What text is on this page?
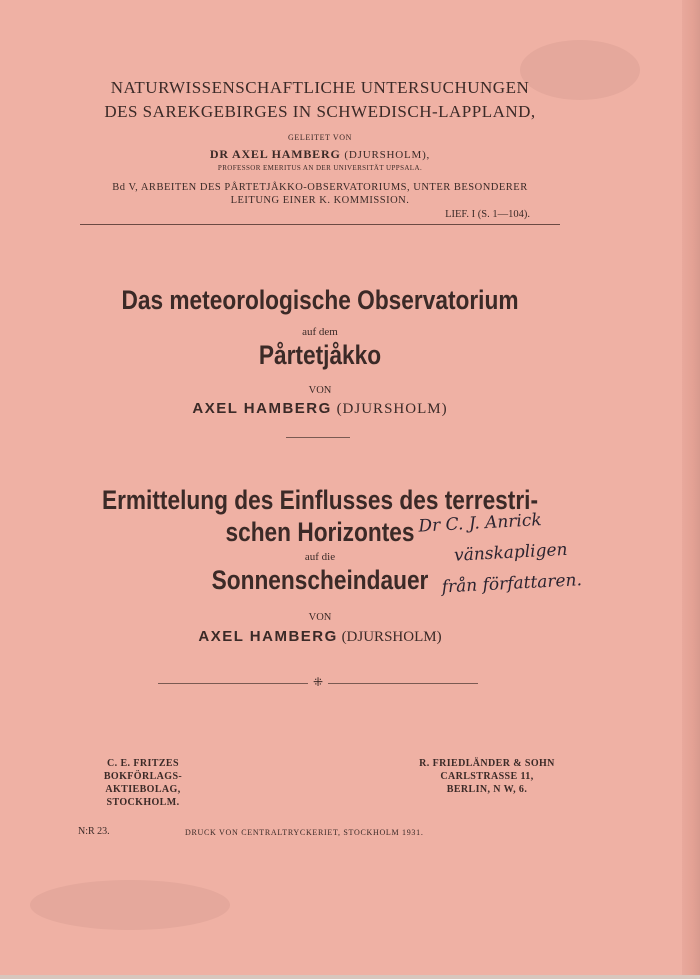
NATURWISSENSCHAFTLICHE UNTERSUCHUNGEN
DES SAREKGEBIRGES IN SCHWEDISCH-LAPPLAND,
GELEITET VON
DR AXEL HAMBERG (DJURSHOLM),
PROFESSOR EMERITUS AN DER UNIVERSITÄT UPPSALA.
Bd V, ARBEITEN DES PÅRTETJÅKKO-OBSERVATORIUMS, UNTER BESONDERER
LEITUNG EINER K. KOMMISSION.
LIEF. I (S. 1—104).
Das meteorologische Observatorium
auf dem
Pårtetjåkko
VON
AXEL HAMBERG (DJURSHOLM)
Ermittelung des Einflusses des terrestri-
schen Horizontes
auf die
Sonnenscheindauer
VON
AXEL HAMBERG (DJURSHOLM)
⁜
C. E. FRITZES
BOKFÖRLAGS-AKTIEBOLAG,
STOCKHOLM.
R. FRIEDLÄNDER & SOHN
CARLSTRASSE 11,
BERLIN, N W, 6.
N:R 23.	DRUCK VON CENTRALTRYCKERIET, STOCKHOLM 1931.
Dr C. J. Anrick
vänskapligen
från författaren.
